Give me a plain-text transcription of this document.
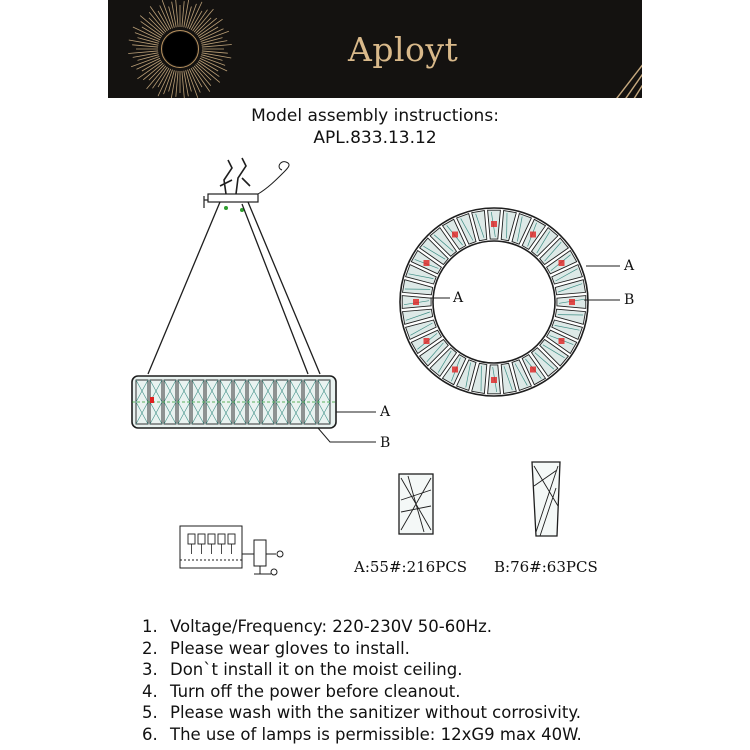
Aployt
Model assembly instructions:
APL.833.13.12
A
B
A
A	B
A:55#:216PCS B:76#:63PCS
1. Voltage/Frequency: 220-230V 50-60Hz.
2. Please wear gloves to install.
3. Don`t install it on the moist ceiling.
4. Turn off the power before cleanout.
5. Please wash with the sanitizer without corrosivity.
6. The use of lamps is permissible: 12xG9 max 40W.
